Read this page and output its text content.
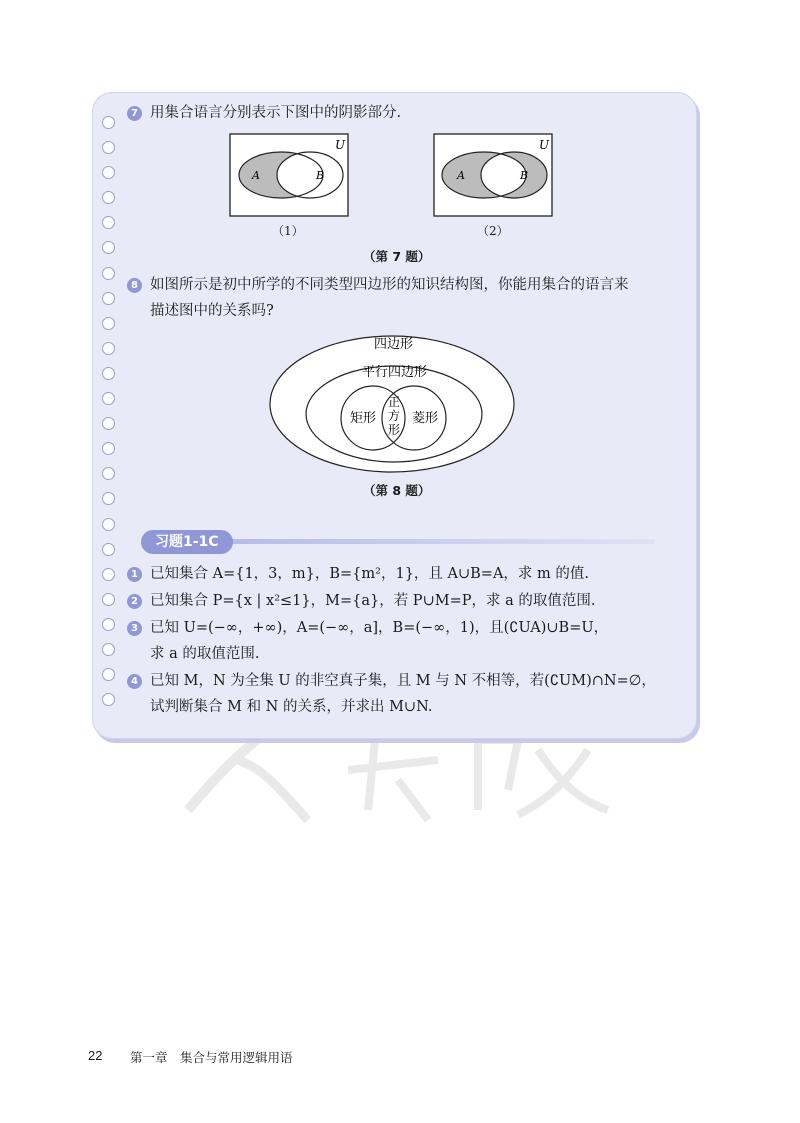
7 用集合语言分别表示下图中的阴影部分.
U
A	B
（1）
U
A	B
（2）
（第 7 题）
8 如图所示是初中所学的不同类型四边形的知识结构图，你能用集合的语言来
描述图中的关系吗?
四边形
平行四边形
矩形	菱形
正
方
形
（第 8 题）
习题1-1C
1 已知集合 A={1，3，m}，B={m²，1}，且 A∪B=A，求 m 的值.
2 已知集合 P={x | x²≤1}，M={a}，若 P∪M=P，求 a 的取值范围.
3 已知 U=(−∞，+∞)，A=(−∞，a]，B=(−∞，1)，且(∁UA)∪B=U，
求 a 的取值范围.
4 已知 M，N 为全集 U 的非空真子集，且 M 与 N 不相等，若(∁UM)∩N=∅，
试判断集合 M 和 N 的关系，并求出 M∪N.
22 第一章　集合与常用逻辑用语
